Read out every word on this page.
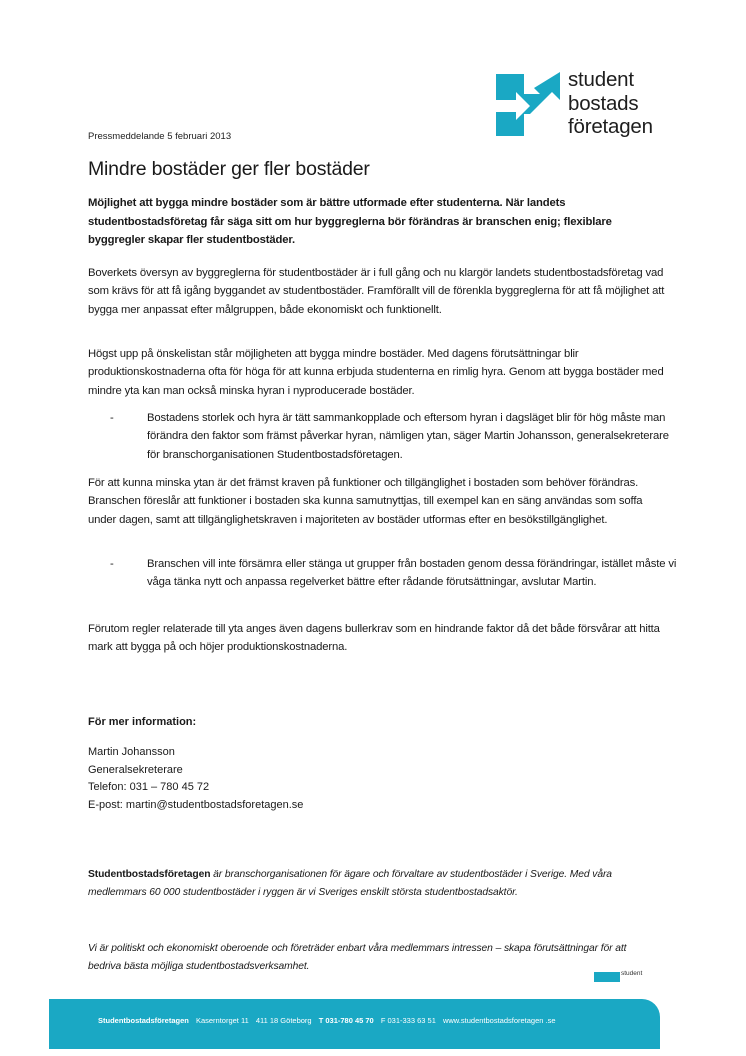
student
bostads
företagen
Pressmeddelande 5 februari 2013
Mindre bostäder ger fler bostäder

Möjlighet att bygga mindre bostäder som är bättre utformade efter studenterna. När landets studentbostadsföretag får säga sitt om hur byggreglerna bör förändras är branschen enig; flexiblare byggregler skapar fler studentbostäder.

Boverkets översyn av byggreglerna för studentbostäder är i full gång och nu klargör landets studentbostadsföretag vad som krävs för att få igång byggandet av studentbostäder. Framförallt vill de förenkla byggreglerna för att få möjlighet att bygga mer anpassat efter målgruppen, både ekonomiskt och funktionellt.

Högst upp på önskelistan står möjligheten att bygga mindre bostäder. Med dagens förutsättningar blir produktionskostnaderna ofta för höga för att kunna erbjuda studenterna en rimlig hyra. Genom att bygga bostäder med mindre yta kan man också minska hyran i nyproducerade bostäder.

-	Bostadens storlek och hyra är tätt sammankopplade och eftersom hyran i dagsläget blir för hög måste man förändra den faktor som främst påverkar hyran, nämligen ytan, säger Martin Johansson, generalsekreterare för branschorganisationen Studentbostadsföretagen.

För att kunna minska ytan är det främst kraven på funktioner och tillgänglighet i bostaden som behöver förändras. Branschen föreslår att funktioner i bostaden ska kunna samutnyttjas, till exempel kan en säng användas som soffa under dagen, samt att tillgänglighetskraven i majoriteten av bostäder utformas efter en besökstillgänglighet.

-	Branschen vill inte försämra eller stänga ut grupper från bostaden genom dessa förändringar, istället måste vi våga tänka nytt och anpassa regelverket bättre efter rådande förutsättningar, avslutar Martin.

Förutom regler relaterade till yta anges även dagens bullerkrav som en hindrande faktor då det både försvårar att hitta mark att bygga på och höjer produktionskostnaderna.

För mer information:
Martin Johansson
Generalsekreterare
Telefon: 031 – 780 45 72
E-post: martin@studentbostadsforetagen.se

Studentbostadsföretagen är branschorganisationen för ägare och förvaltare av studentbostäder i Sverige. Med våra medlemmars 60 000 studentbostäder i ryggen är vi Sveriges enskilt största studentbostadsaktör.

Vi är politiskt och ekonomiskt oberoende och företräder enbart våra medlemmars intressen – skapa förutsättningar för att bedriva bästa möjliga studentbostadsverksamhet.

student
Studentbostadsföretagen Kaserntorget 11 411 18 Göteborg T 031-780 45 70 F 031-333 63 51 www.studentbostadsforetagen .se
